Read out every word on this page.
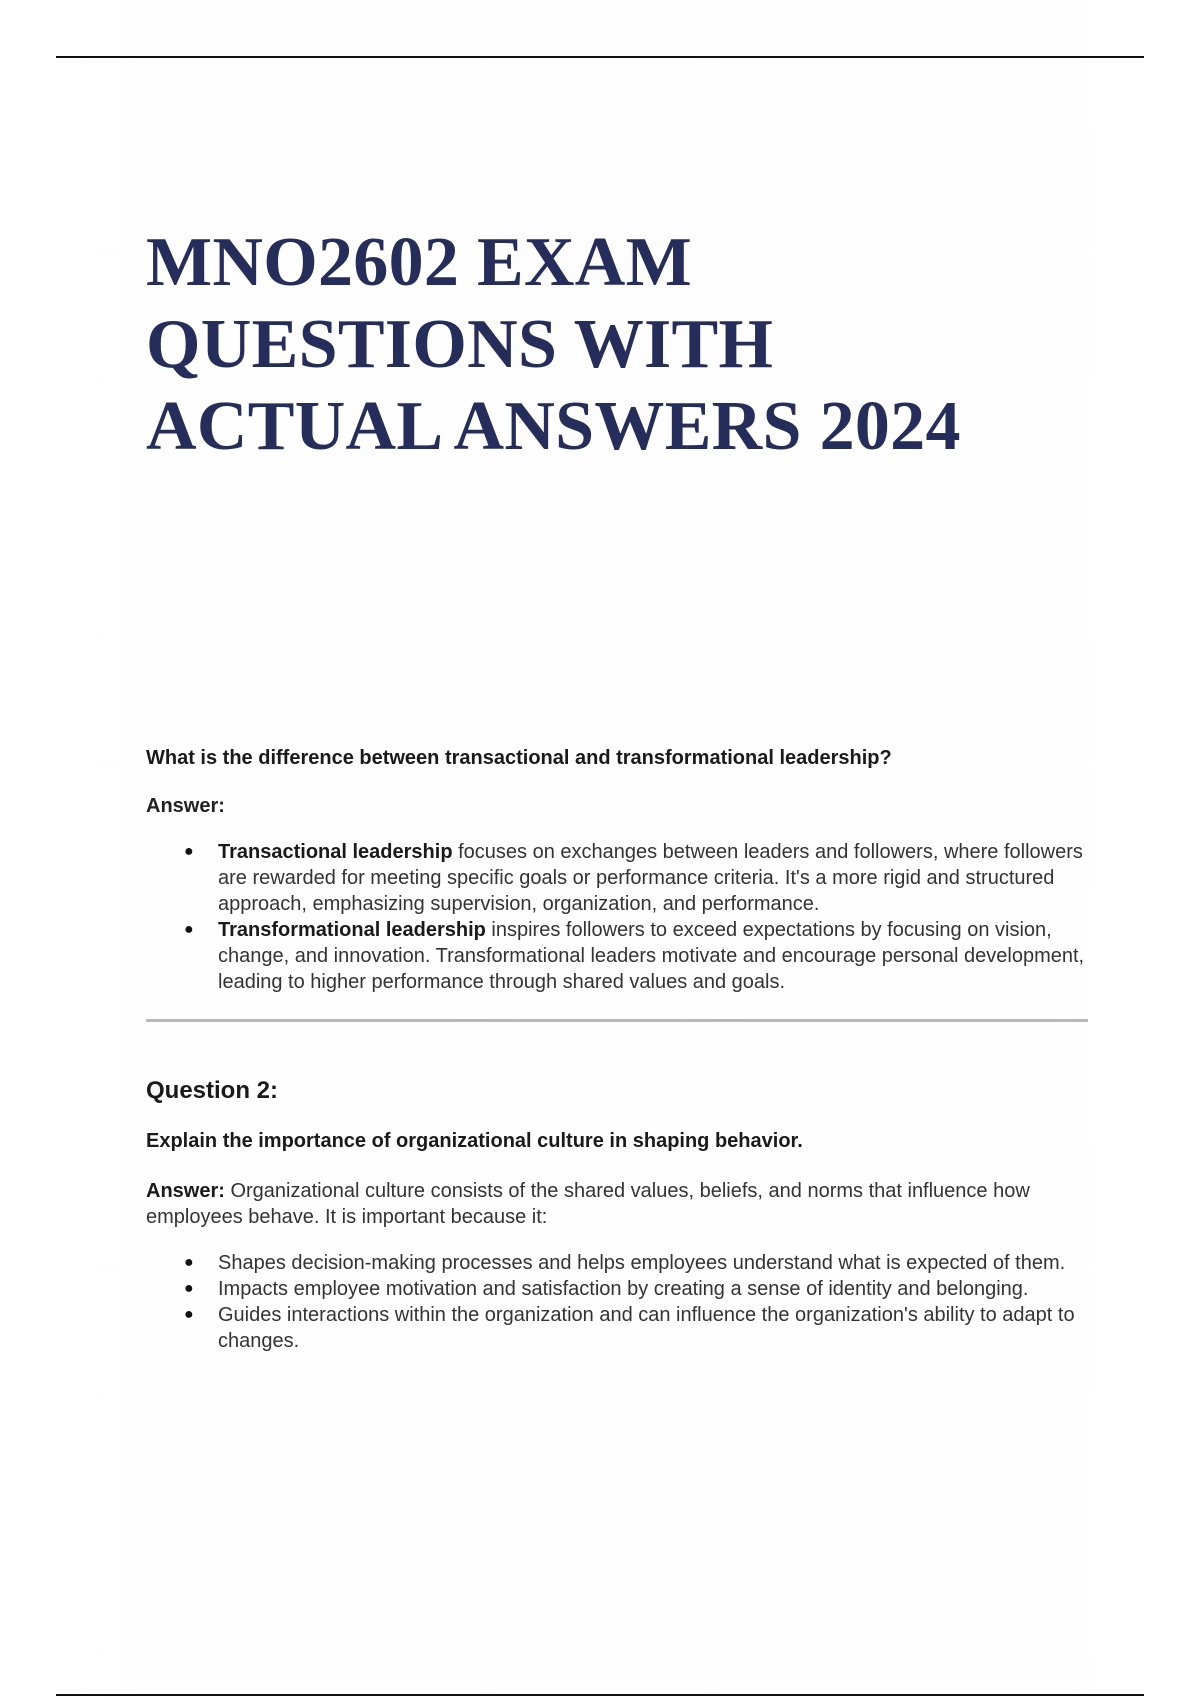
MNO2602 EXAM
QUESTIONS WITH
ACTUAL ANSWERS 2024

What is the difference between transactional and transformational leadership?

Answer:

● Transactional leadership focuses on exchanges between leaders and followers, where followers are rewarded for meeting specific goals or performance criteria. It's a more rigid and structured approach, emphasizing supervision, organization, and performance.
● Transformational leadership inspires followers to exceed expectations by focusing on vision, change, and innovation. Transformational leaders motivate and encourage personal development, leading to higher performance through shared values and goals.

Question 2:

Explain the importance of organizational culture in shaping behavior.

Answer: Organizational culture consists of the shared values, beliefs, and norms that influence how employees behave. It is important because it:

● Shapes decision-making processes and helps employees understand what is expected of them.
● Impacts employee motivation and satisfaction by creating a sense of identity and belonging.
● Guides interactions within the organization and can influence the organization's ability to adapt to changes.
